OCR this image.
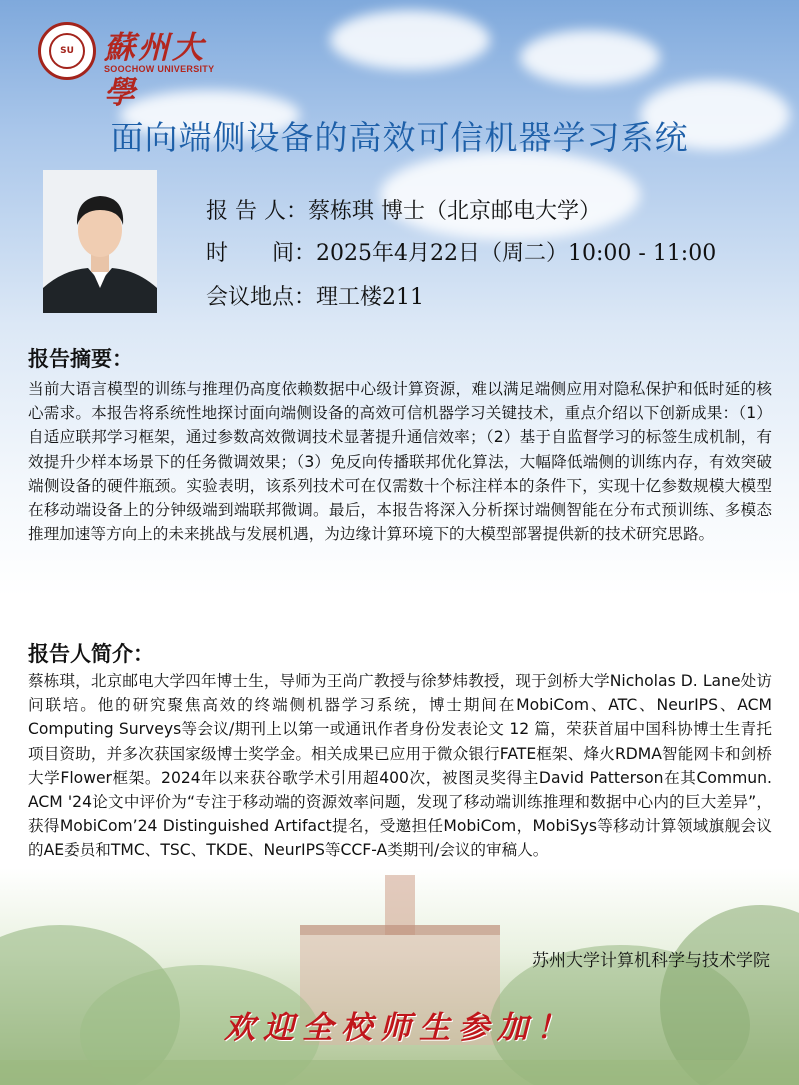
SU 蘇州大學
SOOCHOW UNIVERSITY
面向端侧设备的高效可信机器学习系统
报 告 人：蔡栋琪 博士（北京邮电大学）
时　　间：2025年4月22日（周二）10:00 - 11:00
会议地点：理工楼211
报告摘要：
当前大语言模型的训练与推理仍高度依赖数据中心级计算资源，难以满足端侧应用对隐私保护和低时延的核心需求。本报告将系统性地探讨面向端侧设备的高效可信机器学习关键技术，重点介绍以下创新成果：（1）自适应联邦学习框架，通过参数高效微调技术显著提升通信效率；（2）基于自监督学习的标签生成机制，有效提升少样本场景下的任务微调效果；（3）免反向传播联邦优化算法，大幅降低端侧的训练内存，有效突破端侧设备的硬件瓶颈。实验表明，该系列技术可在仅需数十个标注样本的条件下，实现十亿参数规模大模型在移动端设备上的分钟级端到端联邦微调。最后，本报告将深入分析探讨端侧智能在分布式预训练、多模态推理加速等方向上的未来挑战与发展机遇，为边缘计算环境下的大模型部署提供新的技术研究思路。
报告人简介：
蔡栋琪，北京邮电大学四年博士生，导师为王尚广教授与徐梦炜教授，现于剑桥大学Nicholas D. Lane处访问联培。他的研究聚焦高效的终端侧机器学习系统，博士期间在MobiCom、ATC、NeurIPS、ACM Computing Surveys等会议/期刊上以第一或通讯作者身份发表论文 12 篇，荣获首届中国科协博士生青托项目资助，并多次获国家级博士奖学金。相关成果已应用于微众银行FATE框架、烽火RDMA智能网卡和剑桥大学Flower框架。2024年以来获谷歌学术引用超400次，被图灵奖得主David Patterson在其Commun. ACM '24论文中评价为“专注于移动端的资源效率问题，发现了移动端训练推理和数据中心内的巨大差异”，获得MobiCom’24 Distinguished Artifact提名，受邀担任MobiCom，MobiSys等移动计算领域旗舰会议的AE委员和TMC、TSC、TKDE、NeurIPS等CCF-A类期刊/会议的审稿人。
苏州大学计算机科学与技术学院
欢迎全校师生参加！
